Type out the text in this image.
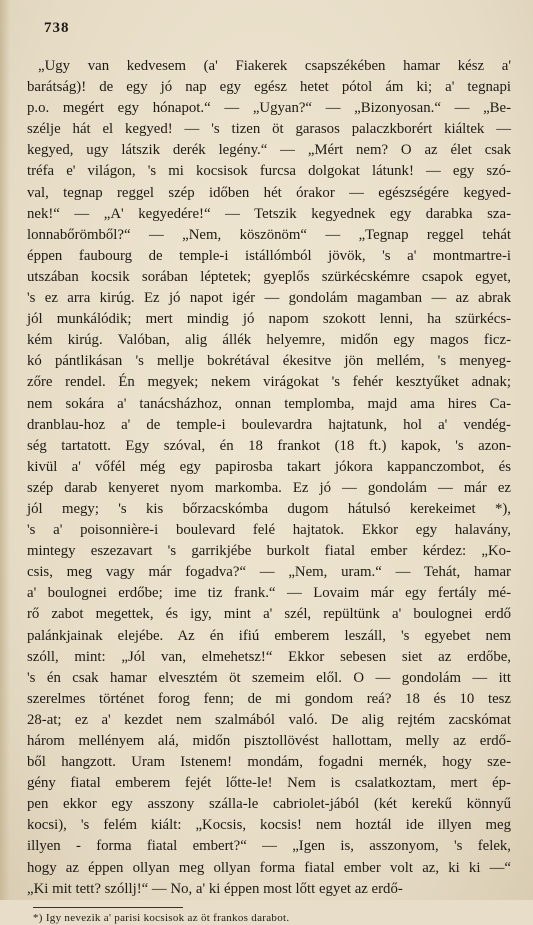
738
„Ugy van kedvesem (a' Fiakerek csapszékében hamar kész a'
barátság)! de egy jó nap egy egész hetet pótol ám ki; a' tegnapi
p.o. megért egy hónapot.“ — „Ugyan?“ — „Bizonyosan.“ — „Be-
szélje hát el kegyed! — 's tizen öt garasos palaczkborért kiáltek —
kegyed, ugy látszik derék legény.“ — „Mért nem? O az élet csak
tréfa e' világon, 's mi kocsisok furcsa dolgokat látunk! — egy szó-
val, tegnap reggel szép időben hét órakor — egészségére kegyed-
nek!“ — „A' kegyedére!“ — Tetszik kegyednek egy darabka sza-
lonnabőrömből?“ — „Nem, köszönöm“ — „Tegnap reggel tehát
éppen faubourg de temple-i istállómból jövök, 's a' montmartre-i
utszában kocsik sorában léptetek; gyeplős szürkécskémre csapok egyet,
's ez arra kirúg. Ez jó napot igér — gondolám magamban — az abrak
jól munkálódik; mert mindig jó napom szokott lenni, ha szürkécs-
kém kirúg. Valóban, alig állék helyemre, midőn egy magos ficz-
kó pántlikásan 's mellje bokrétával ékesitve jön mellém, 's menyeg-
zőre rendel. Én megyek; nekem virágokat 's fehér kesztyűket adnak;
nem sokára a' tanácsházhoz, onnan templomba, majd ama hires Ca-
dranblau-hoz a' de temple-i boulevardra hajtatunk, hol a' vendég-
ség tartatott. Egy szóval, én 18 frankot (18 ft.) kapok, 's azon-
kivül a' vőfél még egy papirosba takart jókora kappanczombot, és
szép darab kenyeret nyom markomba. Ez jó — gondolám — már ez
jól megy; 's kis bőrzacskómba dugom hátulsó kerekeimet *),
's a' poisonnière-i boulevard felé hajtatok. Ekkor egy halavány,
mintegy eszezavart 's garrikjébe burkolt fiatal ember kérdez: „Ko-
csis, meg vagy már fogadva?“ — „Nem, uram.“ — Tehát, hamar
a' boulognei erdőbe; ime tiz frank.“ — Lovaim már egy fertály mé-
rő zabot megettek, és igy, mint a' szél, repültünk a' boulognei erdő
palánkjainak elejébe. Az én ifiú emberem leszáll, 's egyebet nem
szóll, mint: „Jól van, elmehetsz!“ Ekkor sebesen siet az erdőbe,
's én csak hamar elvesztém öt szemeim elől. O — gondolám — itt
szerelmes történet forog fenn; de mi gondom reá? 18 és 10 tesz
28-at; ez a' kezdet nem szalmából való. De alig rejtém zacskómat
három mellényem alá, midőn pisztollövést hallottam, melly az erdő-
ből hangzott. Uram Istenem! mondám, fogadni mernék, hogy sze-
gény fiatal emberem fejét lőtte-le! Nem is csalatkoztam, mert ép-
pen ekkor egy asszony szálla-le cabriolet-jából (két kerekű könnyű
kocsi), 's felém kiált: „Kocsis, kocsis! nem hoztál ide illyen meg
illyen - forma fiatal embert?“ — „Igen is, asszonyom, 's felek,
hogy az éppen ollyan meg ollyan forma fiatal ember volt az, ki ki —“
„Ki mit tett? szóllj!“ — No, a' ki éppen most lőtt egyet az erdő-
*) Igy nevezik a' parisi kocsisok az öt frankos darabot.
